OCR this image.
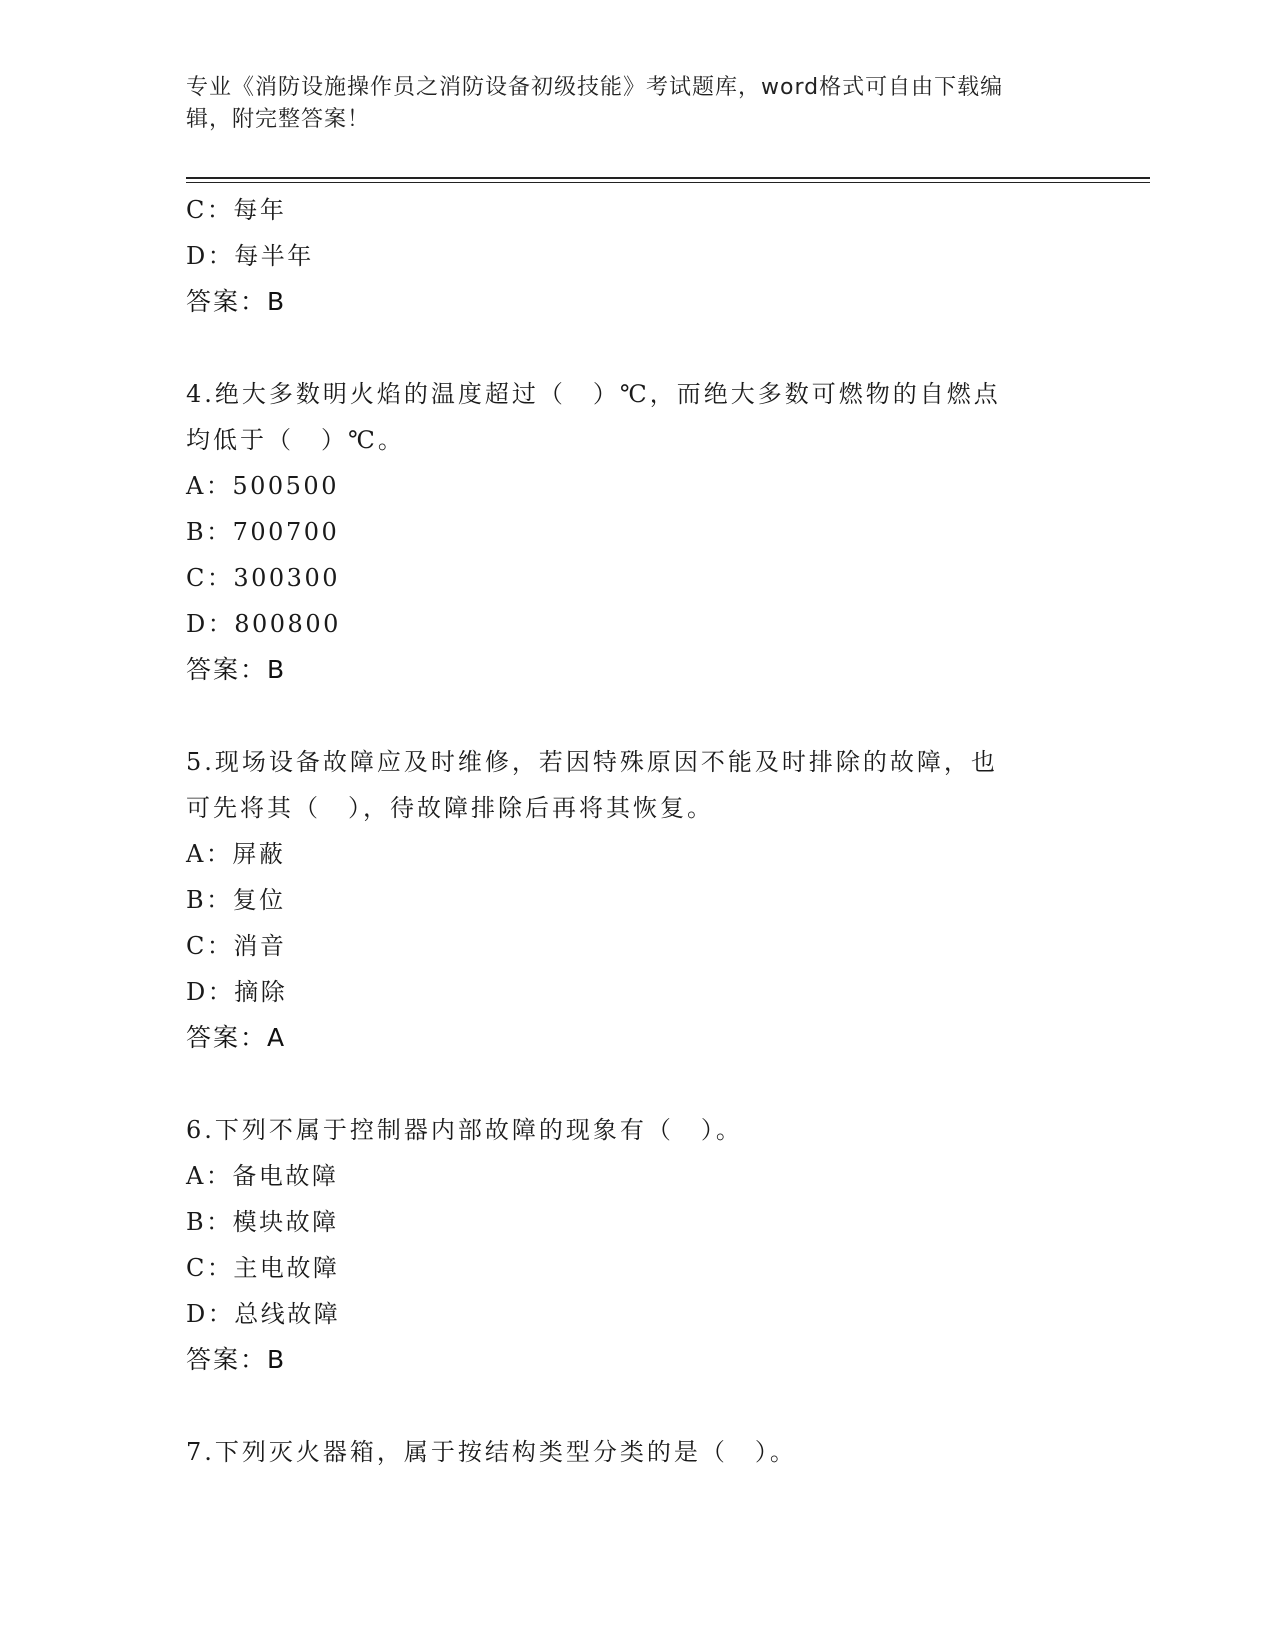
专业《消防设施操作员之消防设备初级技能》考试题库，word格式可自由下载编
辑，附完整答案！
C：每年
D：每半年
答案：B
4.绝大多数明火焰的温度超过（　）℃，而绝大多数可燃物的自燃点
均低于（　）℃。
A：500500
B：700700
C：300300
D：800800
答案：B
5.现场设备故障应及时维修，若因特殊原因不能及时排除的故障，也
可先将其（　），待故障排除后再将其恢复。
A：屏蔽
B：复位
C：消音
D：摘除
答案：A
6.下列不属于控制器内部故障的现象有（　）。
A：备电故障
B：模块故障
C：主电故障
D：总线故障
答案：B
7.下列灭火器箱，属于按结构类型分类的是（　）。
